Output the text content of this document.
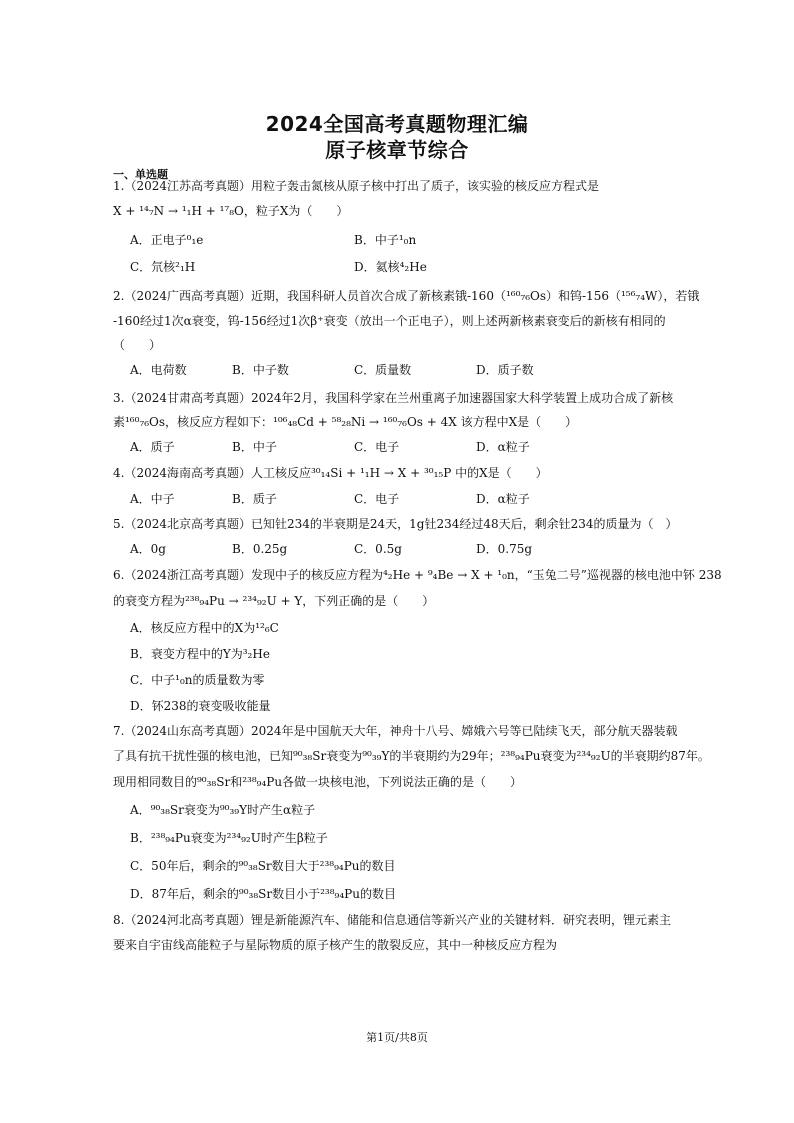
2024全国高考真题物理汇编
原子核章节综合
一、单选题
1.（2024江苏高考真题）用粒子轰击氮核从原子核中打出了质子，该实验的核反应方程式是
X + ¹⁴₇N → ¹₁H + ¹⁷₈O，粒子X为（　　）
A．正电子⁰₁e	B．中子¹₀n
C．氘核²₁H	D．氦核⁴₂He
2.（2024广西高考真题）近期，我国科研人员首次合成了新核素锇-160（¹⁶⁰₇₆Os）和钨-156（¹⁵⁶₇₄W），若锇
-160经过1次α衰变，钨-156经过1次β⁺衰变（放出一个正电子），则上述两新核素衰变后的新核有相同的
（　　）
A．电荷数	B．中子数	C．质量数	D．质子数
3.（2024甘肃高考真题）2024年2月，我国科学家在兰州重离子加速器国家大科学装置上成功合成了新核
素¹⁶⁰₇₆Os，核反应方程如下：¹⁰⁶₄₈Cd + ⁵⁸₂₈Ni → ¹⁶⁰₇₆Os + 4X 该方程中X是（　　）
A．质子	B．中子	C．电子	D．α粒子
4.（2024海南高考真题）人工核反应³⁰₁₄Si + ¹₁H → X + ³⁰₁₅P 中的X是（　　）
A．中子	B．质子	C．电子	D．α粒子
5.（2024北京高考真题）已知钍234的半衰期是24天，1g钍234经过48天后，剩余钍234的质量为（　）
A．0g	B．0.25g	C．0.5g	D．0.75g
6.（2024浙江高考真题）发现中子的核反应方程为⁴₂He + ⁹₄Be → X + ¹₀n，“玉兔二号”巡视器的核电池中钚 238
的衰变方程为²³⁸₉₄Pu → ²³⁴₉₂U + Y，下列正确的是（　　）
A．核反应方程中的X为¹²₆C
B．衰变方程中的Y为³₂He
C．中子¹₀n的质量数为零
D．钚238的衰变吸收能量
7.（2024山东高考真题）2024年是中国航天大年，神舟十八号、嫦娥六号等已陆续飞天，部分航天器装载
了具有抗干扰性强的核电池，已知⁹⁰₃₈Sr衰变为⁹⁰₃₉Y的半衰期约为29年；²³⁸₉₄Pu衰变为²³⁴₉₂U的半衰期约87年。
现用相同数目的⁹⁰₃₈Sr和²³⁸₉₄Pu各做一块核电池，下列说法正确的是（　　）
A．⁹⁰₃₈Sr衰变为⁹⁰₃₉Y时产生α粒子
B．²³⁸₉₄Pu衰变为²³⁴₉₂U时产生β粒子
C．50年后，剩余的⁹⁰₃₈Sr数目大于²³⁸₉₄Pu的数目
D．87年后，剩余的⁹⁰₃₈Sr数目小于²³⁸₉₄Pu的数目
8.（2024河北高考真题）锂是新能源汽车、储能和信息通信等新兴产业的关键材料．研究表明，锂元素主
要来自宇宙线高能粒子与星际物质的原子核产生的散裂反应，其中一种核反应方程为
第1页/共8页
